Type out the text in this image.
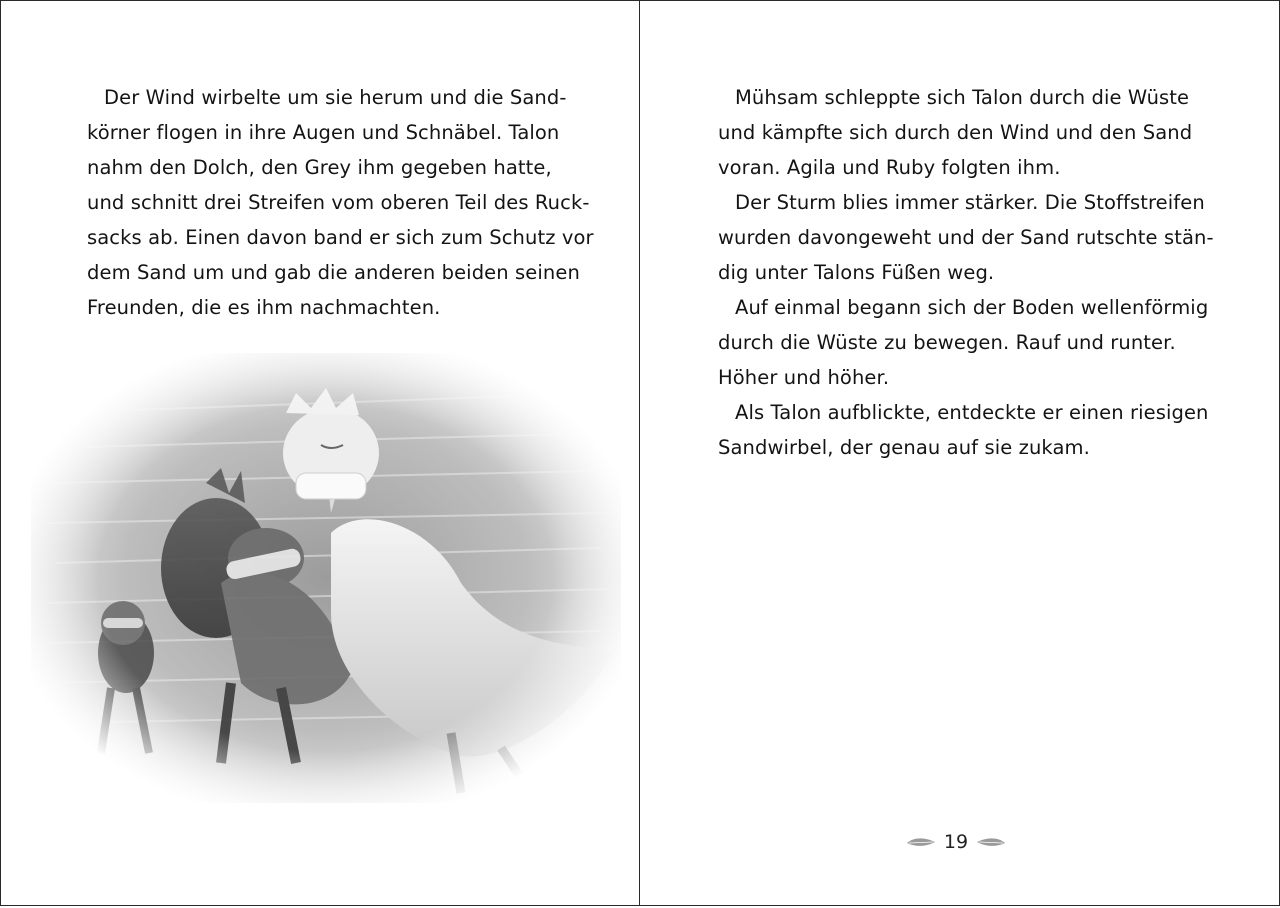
Der Wind wirbelte um sie herum und die Sand-
körner flogen in ihre Augen und Schnäbel. Talon
nahm den Dolch, den Grey ihm gegeben hatte,
und schnitt drei Streifen vom oberen Teil des Ruck-
sacks ab. Einen davon band er sich zum Schutz vor
dem Sand um und gab die anderen beiden seinen
Freunden, die es ihm nachmachten.
Mühsam schleppte sich Talon durch die Wüste
und kämpfte sich durch den Wind und den Sand
voran. Agila und Ruby folgten ihm.
Der Sturm blies immer stärker. Die Stoffstreifen
wurden davongeweht und der Sand rutschte stän-
dig unter Talons Füßen weg.
Auf einmal begann sich der Boden wellenförmig
durch die Wüste zu bewegen. Rauf und runter.
Höher und höher.
Als Talon aufblickte, entdeckte er einen riesigen
Sandwirbel, der genau auf sie zukam.
19
